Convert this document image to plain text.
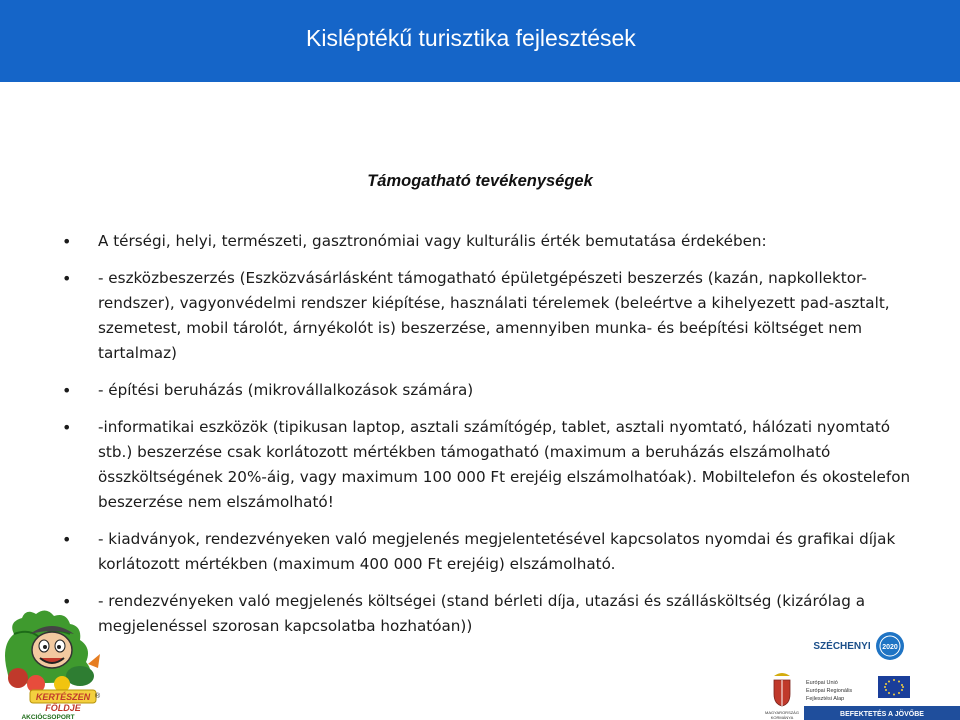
Kisléptékű turisztika fejlesztések
Támogatható tevékenységek
• A térségi, helyi, természeti, gasztronómiai vagy kulturális érték bemutatása érdekében:
• - eszközbeszerzés (Eszközvásárlásként támogatható épületgépészeti beszerzés (kazán, napkollektor-rendszer), vagyonvédelmi rendszer kiépítése, használati térelemek (beleértve a kihelyezett pad-asztalt, szemetest, mobil tárolót, árnyékolót is) beszerzése, amennyiben munka- és beépítési költséget nem tartalmaz)
• - építési beruházás (mikrovállalkozások számára)
• -informatikai eszközök (tipikusan laptop, asztali számítógép, tablet, asztali nyomtató, hálózati nyomtató stb.) beszerzése csak korlátozott mértékben támogatható (maximum a beruházás elszámolható összköltségének 20%-áig, vagy maximum 100 000 Ft erejéig elszámolhatóak). Mobiltelefon és okostelefon beszerzése nem elszámolható!
• - kiadványok, rendezvényeken való megjelenés megjelentetésével kapcsolatos nyomdai és grafikai díjak korlátozott mértékben (maximum 400 000 Ft erejéig) elszámolható.
• - rendezvényeken való megjelenés költségei (stand bérleti díja, utazási és szállásköltség (kizárólag a megjelenéssel szorosan kapcsolatba hozhatóan))
KERTÉSZEN
FÖLDJE
AKCIÓCSOPORT
®
SZÉCHENYI 2020
MAGYARORSZÁG
KORMÁNYA
Európai Unió
Európai Regionális
Fejlesztési Alap
BEFEKTETÉS A JÖVŐBE
